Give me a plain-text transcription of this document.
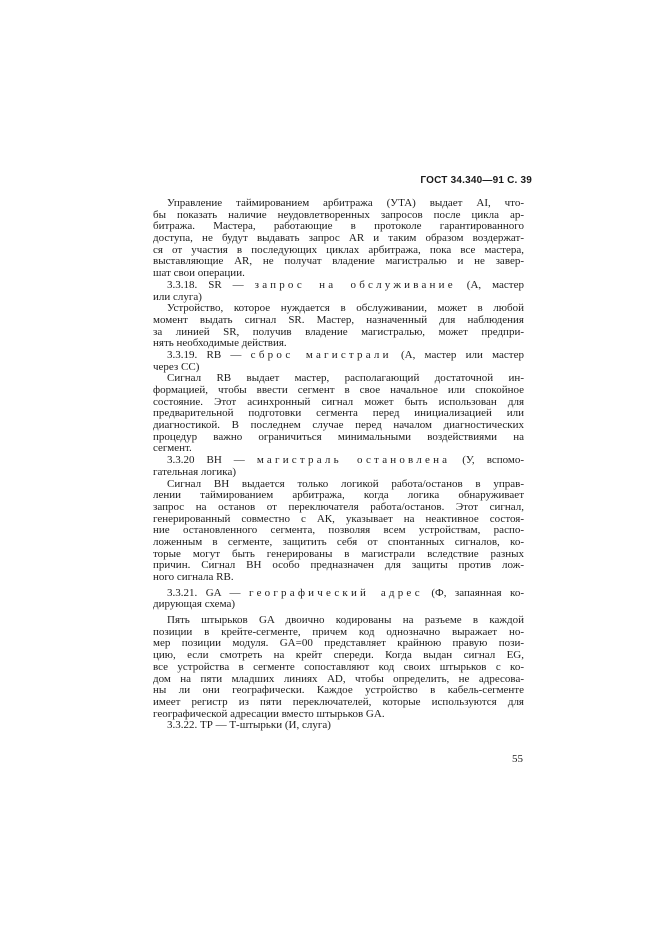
ГОСТ 34.340—91 С. 39
Управление таймированием арбитража (УТА) выдает AI, что-
бы показать наличие неудовлетворенных запросов после цикла ар-
битража. Мастера, работающие в протоколе гарантированного
доступа, не будут выдавать запрос AR и таким образом воздержат-
ся от участия в последующих циклах арбитража, пока все мастера,
выставляющие AR, не получат владение магистралью и не завер-
шат свои операции.
3.3.18. SR — запрос на обслуживание (А, мастер
или слуга)
Устройство, которое нуждается в обслуживании, может в любой
момент выдать сигнал SR. Мастер, назначенный для наблюдения
за линией SR, получив владение магистралью, может предпри-
нять необходимые действия.
3.3.19. RB — сброс магистрали (А, мастер или мастер
через СС)
Сигнал RB выдает мастер, располагающий достаточной ин-
формацией, чтобы ввести сегмент в свое начальное или спокойное
состояние. Этот асинхронный сигнал может быть использован для
предварительной подготовки сегмента перед инициализацией или
диагностикой. В последнем случае перед началом диагностических
процедур важно ограничиться минимальными воздействиями на
сегмент.
3.3.20 ВН — магистраль остановлена (У, вспомо-
гательная логика)
Сигнал ВН выдается только логикой работа/останов в управ-
лении таймированием арбитража, когда логика обнаруживает
запрос на останов от переключателя работа/останов. Этот сигнал,
генерированный совместно с АК, указывает на неактивное состоя-
ние остановленного сегмента, позволяя всем устройствам, распо-
ложенным в сегменте, защитить себя от спонтанных сигналов, ко-
торые могут быть генерированы в магистрали вследствие разных
причин. Сигнал ВН особо предназначен для защиты против лож-
ного сигнала RB.
3.3.21. GA — географический адрес (Ф, запаянная ко-
дирующая схема)
Пять штырьков GA двоично кодированы на разъеме в каждой
позиции в крейте-сегменте, причем код однозначно выражает но-
мер позиции модуля. GA=00 представляет крайнюю правую пози-
цию, если смотреть на крейт спереди. Когда выдан сигнал EG,
все устройства в сегменте сопоставляют код своих штырьков с ко-
дом на пяти младших линиях AD, чтобы определить, не адресова-
ны ли они географически. Каждое устройство в кабель-сегменте
имеет регистр из пяти переключателей, которые используются для
географической адресации вместо штырьков GA.
3.3.22. ТР — Т-штырьки (И, слуга)
55
